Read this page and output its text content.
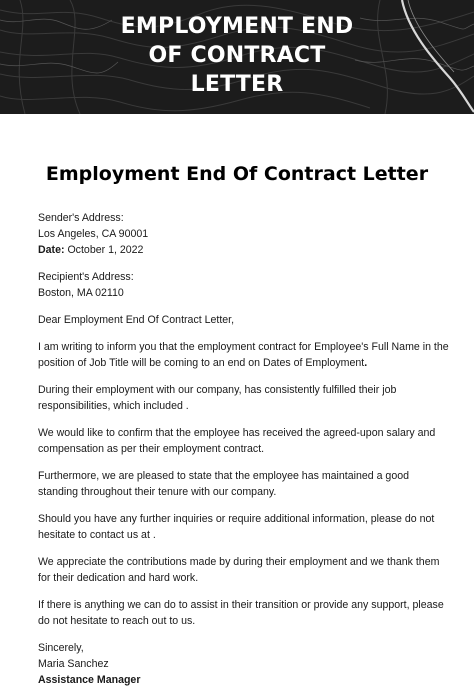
EMPLOYMENT END
OF CONTRACT
LETTER
Employment End Of Contract Letter
Sender's Address:
Los Angeles, CA 90001
Date: October 1, 2022
Recipient's Address:
Boston, MA 02110
Dear Employment End Of Contract Letter,
I am writing to inform you that the employment contract for Employee's Full Name in the
position of Job Title will be coming to an end on Dates of Employment.
During their employment with our company, has consistently fulfilled their job
responsibilities, which included .
We would like to confirm that the employee has received the agreed-upon salary and
compensation as per their employment contract.
Furthermore, we are pleased to state that the employee has maintained a good
standing throughout their tenure with our company.
Should you have any further inquiries or require additional information, please do not
hesitate to contact us at .
We appreciate the contributions made by during their employment and we thank them
for their dedication and hard work.
If there is anything we can do to assist in their transition or provide any support, please
do not hesitate to reach out to us.
Sincerely,
Maria Sanchez
Assistance Manager
